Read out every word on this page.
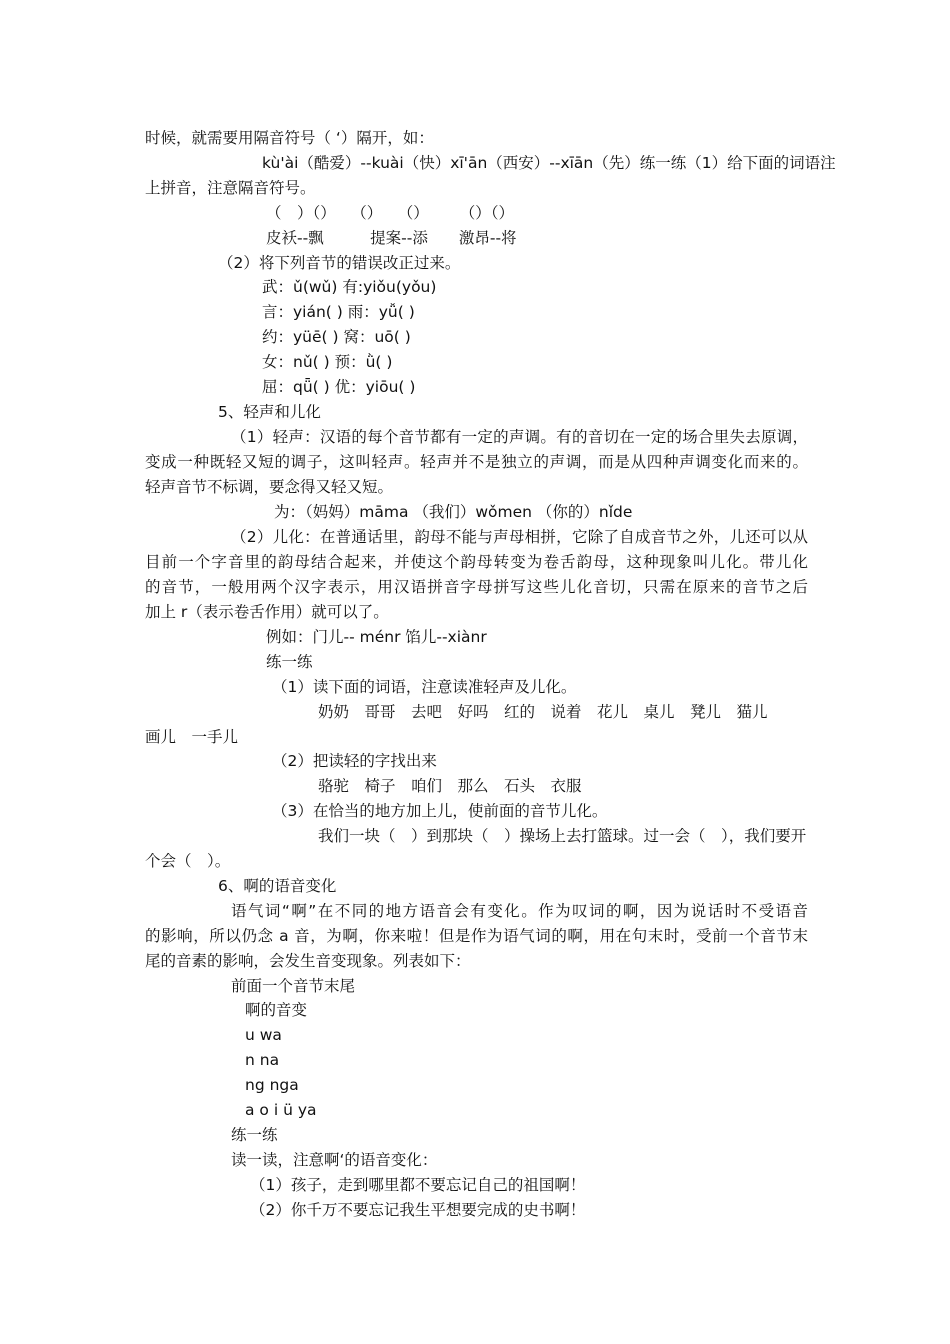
时候，就需要用隔音符号（ ‘）隔开，如：
kù'ài（酷爱）--kuài（快）xī'ān（西安）--xīān（先）练一练（1）给下面的词语注
上拼音，注意隔音符号。
（　）（）　　（）　　（）　　　（）（）
皮袄--飘　　　提案--添　　激昂--将
（2）将下列音节的错误改正过来。
武：ǔ(wǔ) 有:yiǒu(yǒu)
言：yián( ) 雨：yǚ( )
约：yüē( ) 窝：uō( )
女：nǔ( ) 预：ǜ( )
屈：qǖ( ) 优：yiōu( )
5、轻声和儿化
（1）轻声：汉语的每个音节都有一定的声调。有的音切在一定的场合里失去原调，
变成一种既轻又短的调子，这叫轻声。轻声并不是独立的声调，而是从四种声调变化而来的。
轻声音节不标调，要念得又轻又短。
为：（妈妈）māma （我们）wǒmen （你的）nǐde
（2）儿化：在普通话里，韵母不能与声母相拼，它除了自成音节之外，儿还可以从
目前一个字音里的韵母结合起来，并使这个韵母转变为卷舌韵母，这种现象叫儿化。带儿化
的音节，一般用两个汉字表示，用汉语拼音字母拼写这些儿化音切，只需在原来的音节之后
加上 r（表示卷舌作用）就可以了。
例如：门儿-- ménr 馅儿--xiànr
练一练
（1）读下面的词语，注意读准轻声及儿化。
奶奶　哥哥　去吧　好吗　红的　说着　花儿　桌儿　凳儿　猫儿
画儿　一手儿
（2）把读轻的字找出来
骆驼　椅子　咱们　那么　石头　衣服
（3）在恰当的地方加上儿，使前面的音节儿化。
我们一块（　）到那块（　）操场上去打篮球。过一会（　），我们要开
个会（　）。
6、啊的语音变化
语气词“啊”在不同的地方语音会有变化。作为叹词的啊，因为说话时不受语音
的影响，所以仍念 a 音，为啊，你来啦！但是作为语气词的啊，用在句末时，受前一个音节末
尾的音素的影响，会发生音变现象。列表如下：
前面一个音节末尾
啊的音变
u wa
n na
ng nga
a o i ü ya
练一练
读一读，注意啊‘的语音变化：
（1）孩子，走到哪里都不要忘记自己的祖国啊！
（2）你千万不要忘记我生平想要完成的史书啊！
